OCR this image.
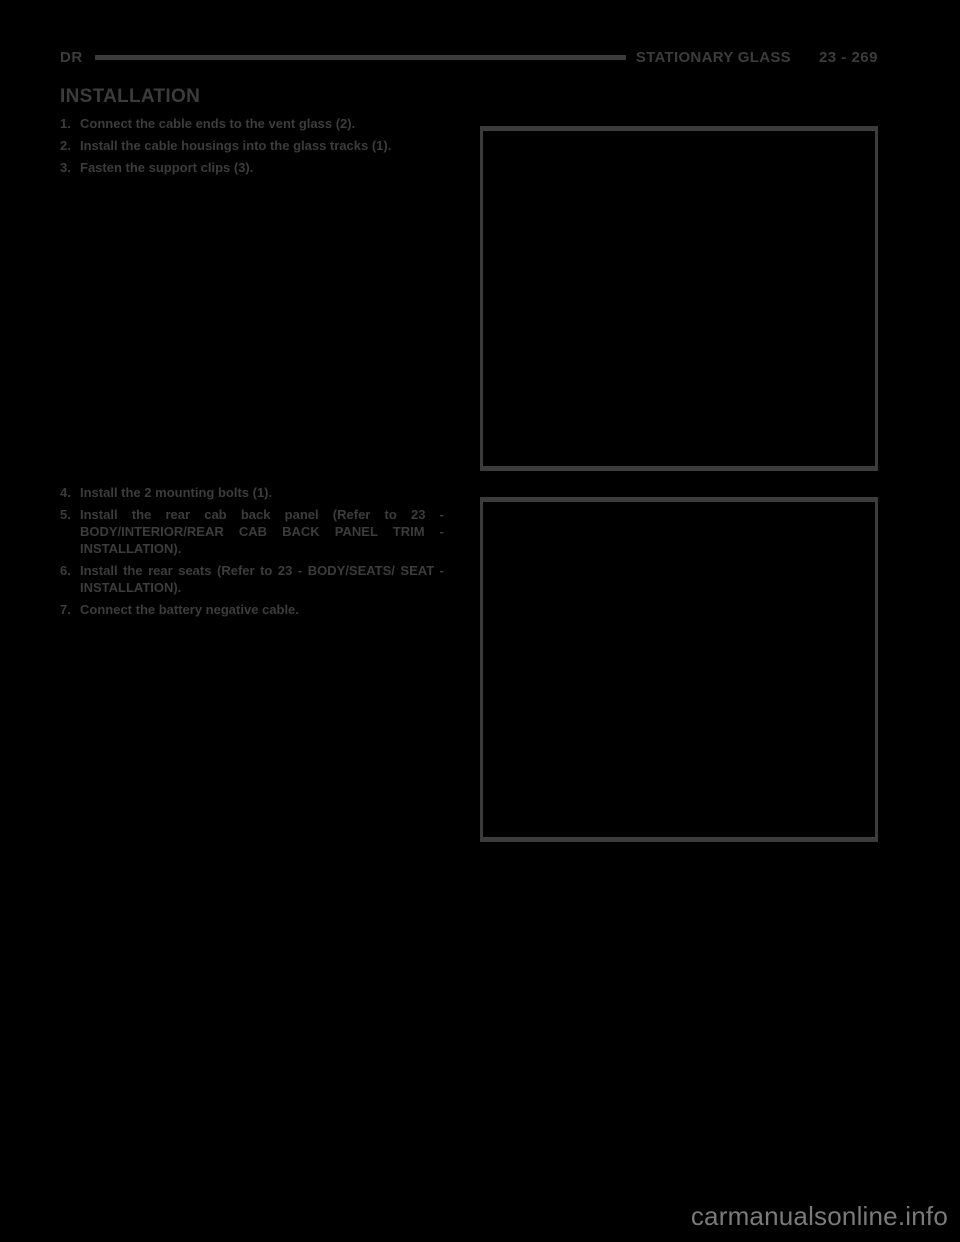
DR	STATIONARY GLASS 23 - 269
INSTALLATION
1. Connect the cable ends to the vent glass (2).
2. Install the cable housings into the glass tracks (1).
3. Fasten the support clips (3).
4. Install the 2 mounting bolts (1).
5. Install the rear cab back panel (Refer to 23 - BODY/INTERIOR/REAR CAB BACK PANEL TRIM - INSTALLATION).
6. Install the rear seats (Refer to 23 - BODY/SEATS/ SEAT - INSTALLATION).
7. Connect the battery negative cable.
carmanualsonline.info
